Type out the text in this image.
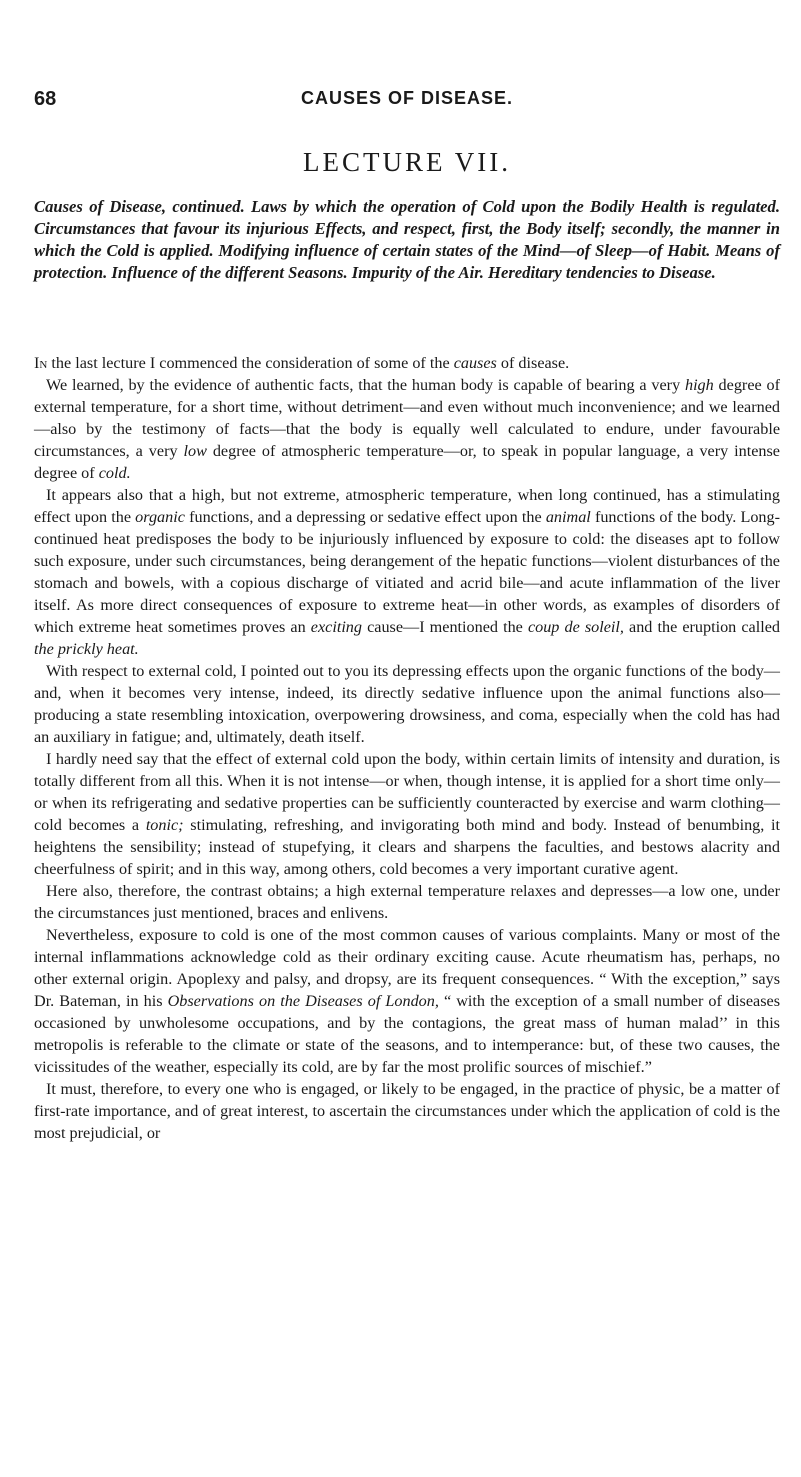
68	CAUSES OF DISEASE.
LECTURE VII.
Causes of Disease, continued. Laws by which the operation of Cold upon the Bodily Health is regulated. Circumstances that favour its injurious Effects, and respect, first, the Body itself; secondly, the manner in which the Cold is applied. Modifying influence of certain states of the Mind—of Sleep—of Habit. Means of protection. Influence of the different Seasons. Impurity of the Air. Hereditary tendencies to Disease.

In the last lecture I commenced the consideration of some of the causes of disease.

We learned, by the evidence of authentic facts, that the human body is capable of bearing a very high degree of external temperature, for a short time, without detriment—and even without much inconvenience; and we learned—also by the testimony of facts—that the body is equally well calculated to endure, under favourable circumstances, a very low degree of atmospheric temperature—or, to speak in popular language, a very intense degree of cold.

It appears also that a high, but not extreme, atmospheric temperature, when long continued, has a stimulating effect upon the organic functions, and a depressing or sedative effect upon the animal functions of the body. Long-continued heat predisposes the body to be injuriously influenced by exposure to cold: the diseases apt to follow such exposure, under such circumstances, being derangement of the hepatic functions—violent disturbances of the stomach and bowels, with a copious discharge of vitiated and acrid bile—and acute inflammation of the liver itself. As more direct consequences of exposure to extreme heat—in other words, as examples of disorders of which extreme heat sometimes proves an exciting cause—I mentioned the coup de soleil, and the eruption called the prickly heat.

With respect to external cold, I pointed out to you its depressing effects upon the organic functions of the body—and, when it becomes very intense, indeed, its directly sedative influence upon the animal functions also—producing a state resembling intoxication, overpowering drowsiness, and coma, especially when the cold has had an auxiliary in fatigue; and, ultimately, death itself.

I hardly need say that the effect of external cold upon the body, within certain limits of intensity and duration, is totally different from all this. When it is not intense—or when, though intense, it is applied for a short time only—or when its refrigerating and sedative properties can be sufficiently counteracted by exercise and warm clothing—cold becomes a tonic; stimulating, refreshing, and invigorating both mind and body. Instead of benumbing, it heightens the sensibility; instead of stupefying, it clears and sharpens the faculties, and bestows alacrity and cheerfulness of spirit; and in this way, among others, cold becomes a very important curative agent.

Here also, therefore, the contrast obtains; a high external temperature relaxes and depresses—a low one, under the circumstances just mentioned, braces and enlivens.

Nevertheless, exposure to cold is one of the most common causes of various complaints. Many or most of the internal inflammations acknowledge cold as their ordinary exciting cause. Acute rheumatism has, perhaps, no other external origin. Apoplexy and palsy, and dropsy, are its frequent consequences. “ With the exception,” says Dr. Bateman, in his Observations on the Diseases of London, “ with the exception of a small number of diseases occasioned by unwholesome occupations, and by the contagions, the great mass of human malad’’ in this metropolis is referable to the climate or state of the seasons, and to intemperance: but, of these two causes, the vicissitudes of the weather, especially its cold, are by far the most prolific sources of mischief.”

It must, therefore, to every one who is engaged, or likely to be engaged, in the practice of physic, be a matter of first-rate importance, and of great interest, to ascertain the circumstances under which the application of cold is the most prejudicial, or
